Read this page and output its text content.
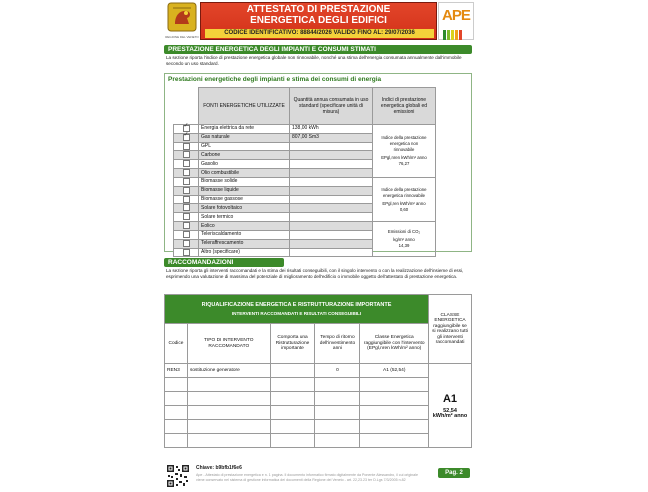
REGIONE DEL VENETO
ATTESTATO DI PRESTAZIONE
ENERGETICA DEGLI EDIFICI
CODICE IDENTIFICATIVO: 88844/2026 VALIDO FINO AL: 29/07/2036
APE
PRESTAZIONE ENERGETICA DEGLI IMPIANTI E CONSUMI STIMATI
La sezione riporta l'indice di prestazione energetica globale non rinnovabile, nonché una stima dell'energia consumata annualmente dall'immobile secondo un uso standard.
Prestazioni energetiche degli impianti e stima dei consumi di energia
	FONTI ENERGETICHE UTILIZZATE	Quantità annua consumata in uso standard (specificare unità di misura)	Indici di prestazione energetica globali ed emissioni
✓	Energia elettrica da rete	138,00 kWh	Indice della prestazione
energetica non
rinnovabile
EPgl,nren kWh/m² anno
76,27

✓	Gas naturale	807,00 Sm3	
	GPL		
	Carbone		
	Gasolio		
	Olio combustibile		
	Biomasse solide		Indice della prestazione
energetica rinnovabile
EPgl,ren kWh/m² anno
0,60

	Biomasse liquide		
	Biomasse gassose		
	Solare fotovoltaico		
	Solare termico		
	Eolico		Emissioni di CO₂
kg/m² anno
14,39

	Teleriscaldamento		
	Teleraffrescamento		
	Altro (specificare)		
RACCOMANDAZIONI
La sezione riporta gli interventi raccomandati e la stima dei risultati conseguibili, con il singolo intervento o con la realizzazione dell'insieme di essi, esprimendo una valutazione di massima del potenziale di miglioramento dell'edificio o immobile oggetto dell'attestato di prestazione energetica.
RIQUALIFICAZIONE ENERGETICA E RISTRUTTURAZIONE IMPORTANTE
INTERVENTI RACCOMANDATI E RISULTATI CONSEGUIBILI					CLASSE ENERGETICA raggiungibile se si realizzano tutti gli interventi raccomandati
Codice	TIPO DI INTERVENTO RACCOMANDATO	Comporta una Ristrutturazione importante	Tempo di ritorno dell'investimento anni	Classe Energetica raggiungibile con l'intervento (EPgl,nren kWh/m² anno)	
REN3	sostituzione generatore		0	A1 (52,54)	A1
52,54
kWh/m² anno

Chiave: b9bfb1f6e6
Ape - Attestato di prestazione energetica e n. 1 pagina. Il documento informatico firmato digitalmente da Ponente Alessandro, il cui originale viene conservato nel sistema di gestione informatica dei documenti della Regione del Veneto - art. 22,23.23 ter D.Lgs 7/3/2005 n.82
Pag. 2
